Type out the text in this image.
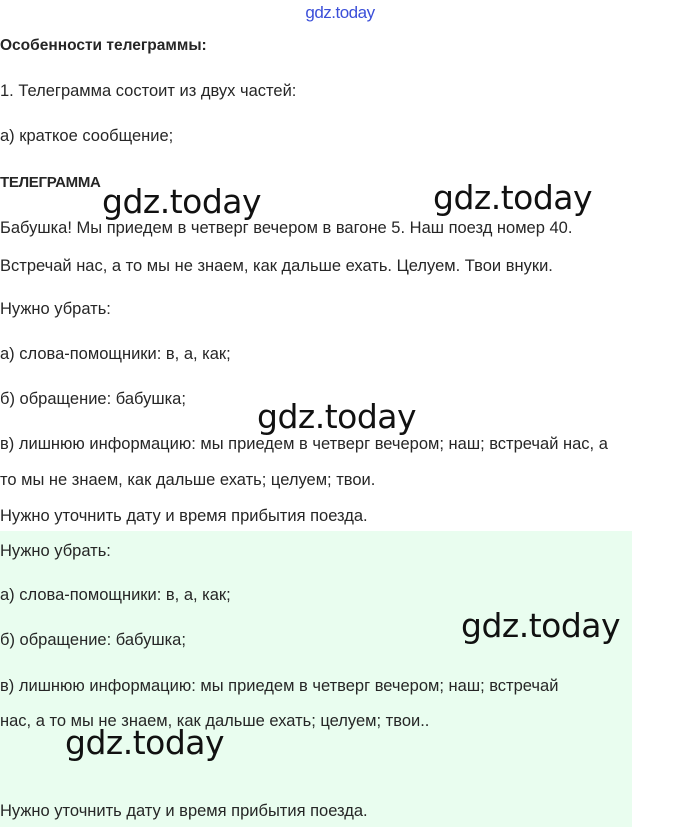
gdz.today
Особенности телеграммы:
1. Телеграмма состоит из двух частей:
а) краткое сообщение;
ТЕЛЕГРАММА
Бабушка! Мы приедем в четверг вечером в вагоне 5. Наш поезд номер 40.
Встречай нас, а то мы не знаем, как дальше ехать. Целуем. Твои внуки.
Нужно убрать:
а) слова-помощники: в, а, как;
б) обращение: бабушка;
в) лишнюю информацию: мы приедем в четверг вечером; наш; встречай нас, а
то мы не знаем, как дальше ехать; целуем; твои.
Нужно уточнить дату и время прибытия поезда.
Нужно убрать:
а) слова-помощники: в, а, как;
б) обращение: бабушка;
в) лишнюю информацию: мы приедем в четверг вечером; наш; встречай
нас, а то мы не знаем, как дальше ехать; целуем; твои..
Нужно уточнить дату и время прибытия поезда.
gdz.today	gdz.today
gdz.today
gdz.today
gdz.today
